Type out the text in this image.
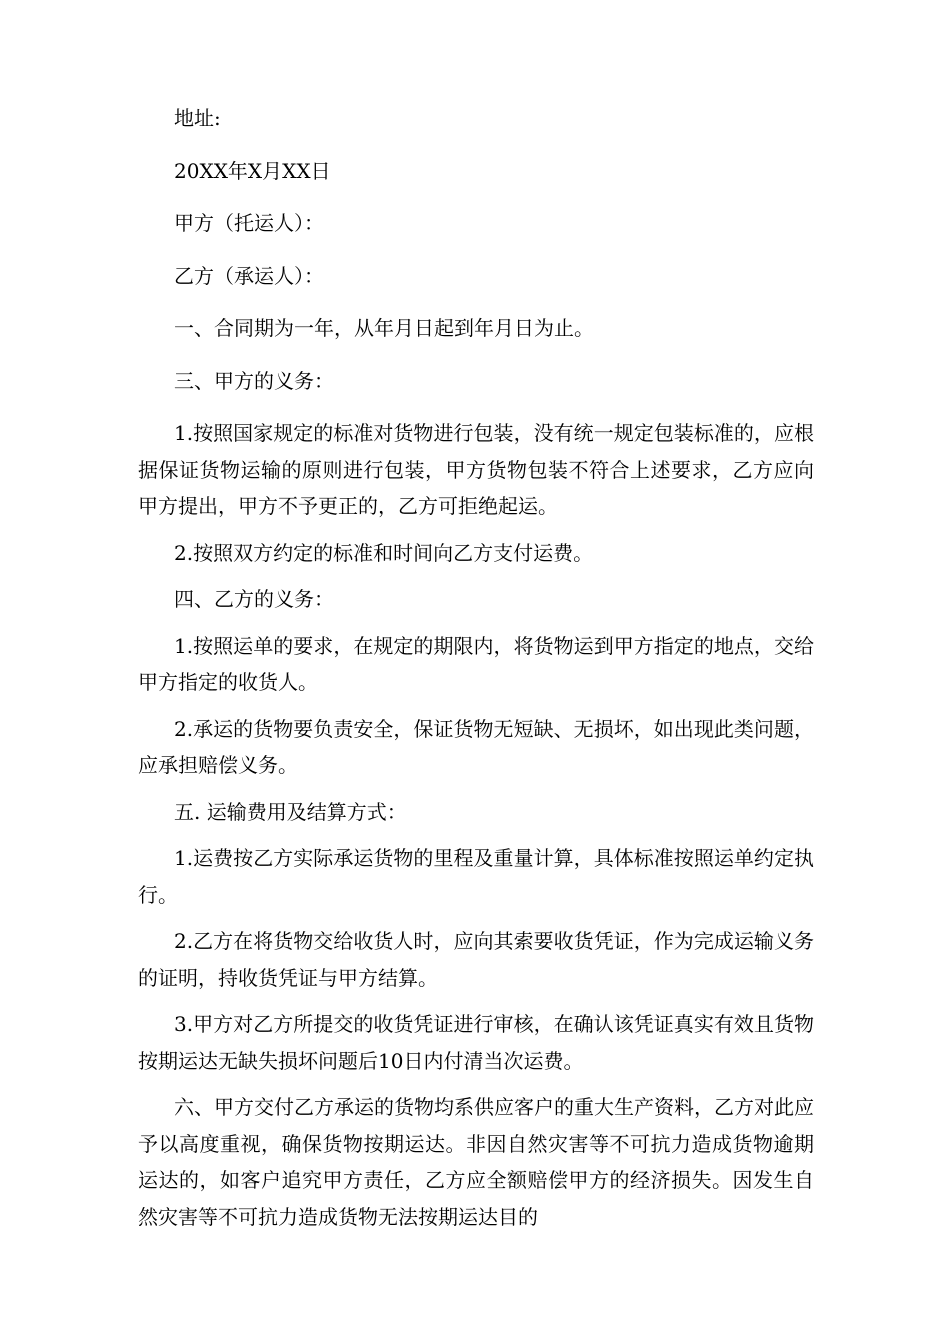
地址:

20XX年X月XX日

甲方（托运人）：

乙方（承运人）：

一、合同期为一年，从年月日起到年月日为止。

三、甲方的义务：

1.按照国家规定的标准对货物进行包装，没有统一规定包装标准的，应根据保证货物运输的原则进行包装，甲方货物包装不符合上述要求，乙方应向甲方提出，甲方不予更正的，乙方可拒绝起运。

2.按照双方约定的标准和时间向乙方支付运费。

四、乙方的义务：

1.按照运单的要求，在规定的期限内，将货物运到甲方指定的地点，交给甲方指定的收货人。

2.承运的货物要负责安全，保证货物无短缺、无损坏，如出现此类问题，应承担赔偿义务。

五. 运输费用及结算方式：

1.运费按乙方实际承运货物的里程及重量计算，具体标准按照运单约定执行。

2.乙方在将货物交给收货人时，应向其索要收货凭证，作为完成运输义务的证明，持收货凭证与甲方结算。

3.甲方对乙方所提交的收货凭证进行审核，在确认该凭证真实有效且货物按期运达无缺失损坏问题后10日内付清当次运费。

六、甲方交付乙方承运的货物均系供应客户的重大生产资料，乙方对此应予以高度重视，确保货物按期运达。非因自然灾害等不可抗力造成货物逾期运达的，如客户追究甲方责任，乙方应全额赔偿甲方的经济损失。因发生自然灾害等不可抗力造成货物无法按期运达目的
